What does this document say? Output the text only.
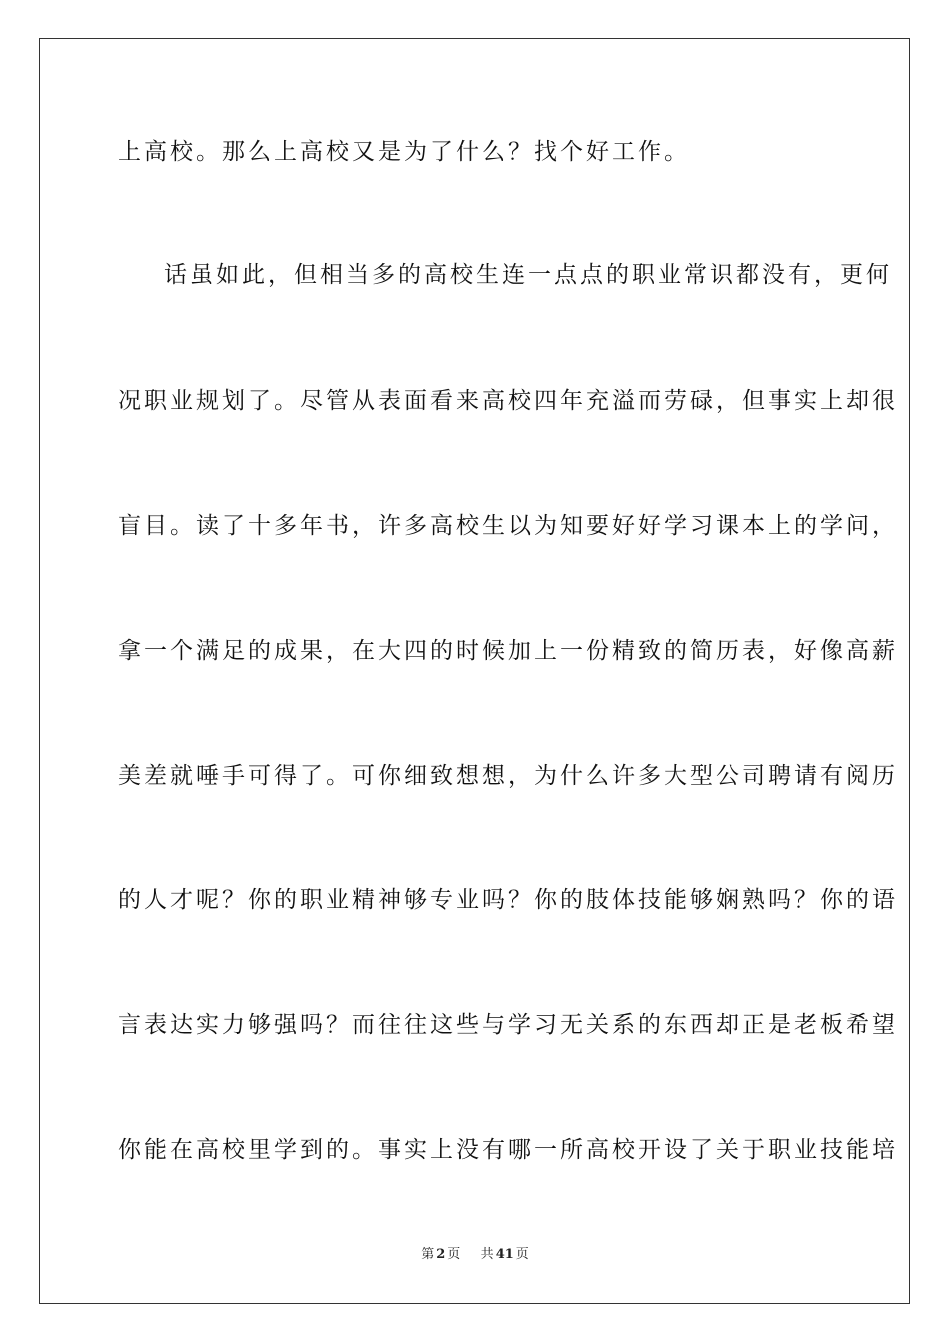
上高校。那么上高校又是为了什么？找个好工作。
话虽如此，但相当多的高校生连一点点的职业常识都没有，更何
况职业规划了。尽管从表面看来高校四年充溢而劳碌，但事实上却很
盲目。读了十多年书，许多高校生以为知要好好学习课本上的学问，
拿一个满足的成果，在大四的时候加上一份精致的简历表，好像高薪
美差就唾手可得了。可你细致想想，为什么许多大型公司聘请有阅历
的人才呢？你的职业精神够专业吗？你的肢体技能够娴熟吗？你的语
言表达实力够强吗？而往往这些与学习无关系的东西却正是老板希望
你能在高校里学到的。事实上没有哪一所高校开设了关于职业技能培
第 2 页 共 41 页
